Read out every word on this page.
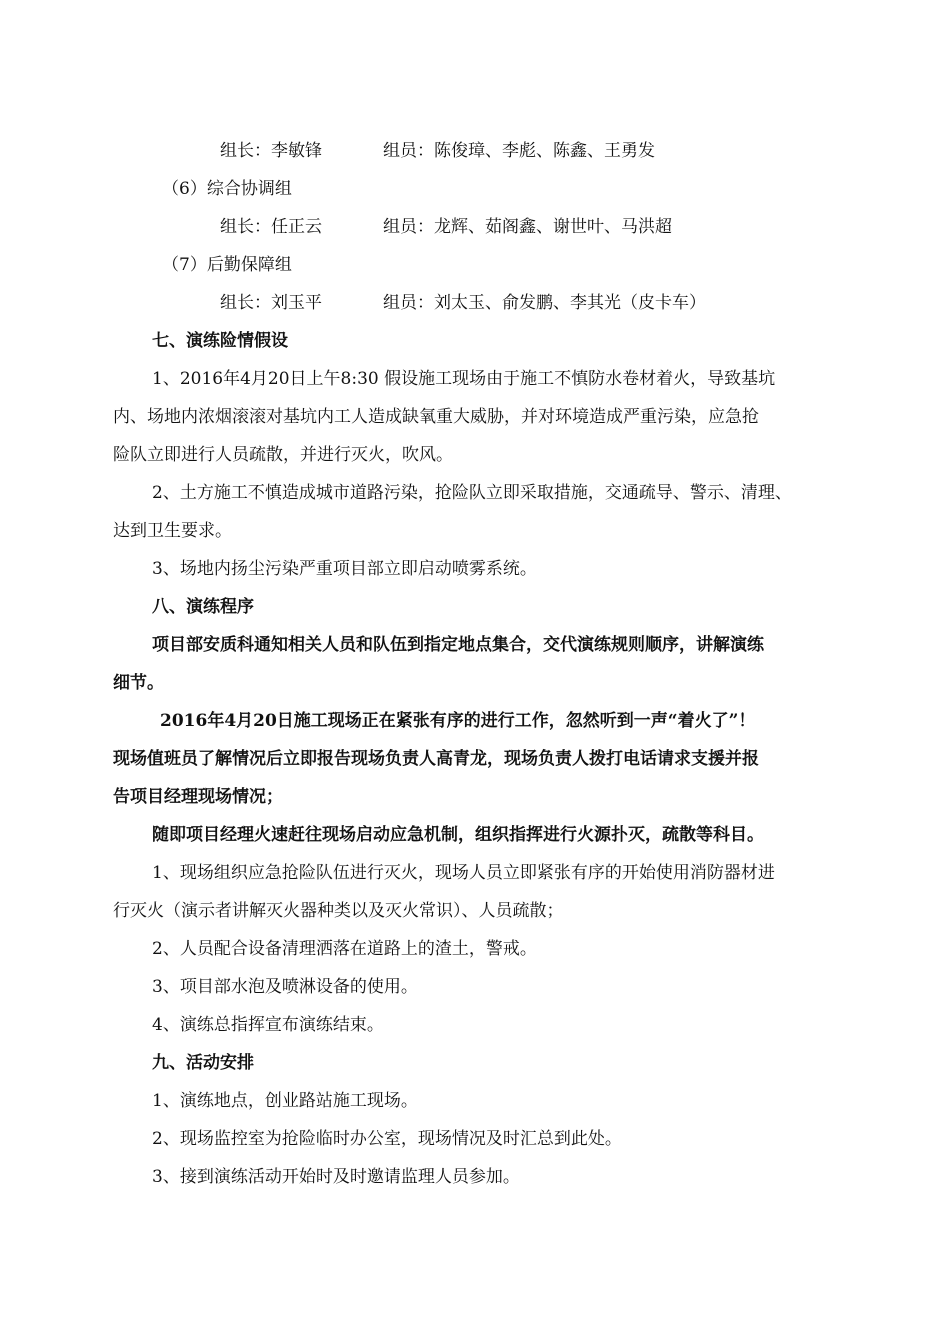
组长：李敏锋	组员：陈俊璋、李彪、陈鑫、王勇发
（6）综合协调组
组长：任正云	组员：龙辉、茹阁鑫、谢世叶、马洪超
（7）后勤保障组
组长：刘玉平	组员：刘太玉、俞发鹏、李其光（皮卡车）
七、演练险情假设
1、2016年4月20日上午8:30 假设施工现场由于施工不慎防水卷材着火，导致基坑
内、场地内浓烟滚滚对基坑内工人造成缺氧重大威胁，并对环境造成严重污染，应急抢
险队立即进行人员疏散，并进行灭火，吹风。
2、土方施工不慎造成城市道路污染，抢险队立即采取措施，交通疏导、警示、清理、
达到卫生要求。
3、场地内扬尘污染严重项目部立即启动喷雾系统。
八、演练程序
项目部安质科通知相关人员和队伍到指定地点集合，交代演练规则顺序，讲解演练
细节。
2016年4月20日施工现场正在紧张有序的进行工作，忽然听到一声“着火了”！
现场值班员了解情况后立即报告现场负责人高青龙，现场负责人拨打电话请求支援并报
告项目经理现场情况；
随即项目经理火速赶往现场启动应急机制，组织指挥进行火源扑灭，疏散等科目。
1、现场组织应急抢险队伍进行灭火，现场人员立即紧张有序的开始使用消防器材进
行灭火（演示者讲解灭火器种类以及灭火常识）、人员疏散；
2、人员配合设备清理洒落在道路上的渣土，警戒。
3、项目部水泡及喷淋设备的使用。
4、演练总指挥宣布演练结束。
九、活动安排
1、演练地点，创业路站施工现场。
2、现场监控室为抢险临时办公室，现场情况及时汇总到此处。
3、接到演练活动开始时及时邀请监理人员参加。
